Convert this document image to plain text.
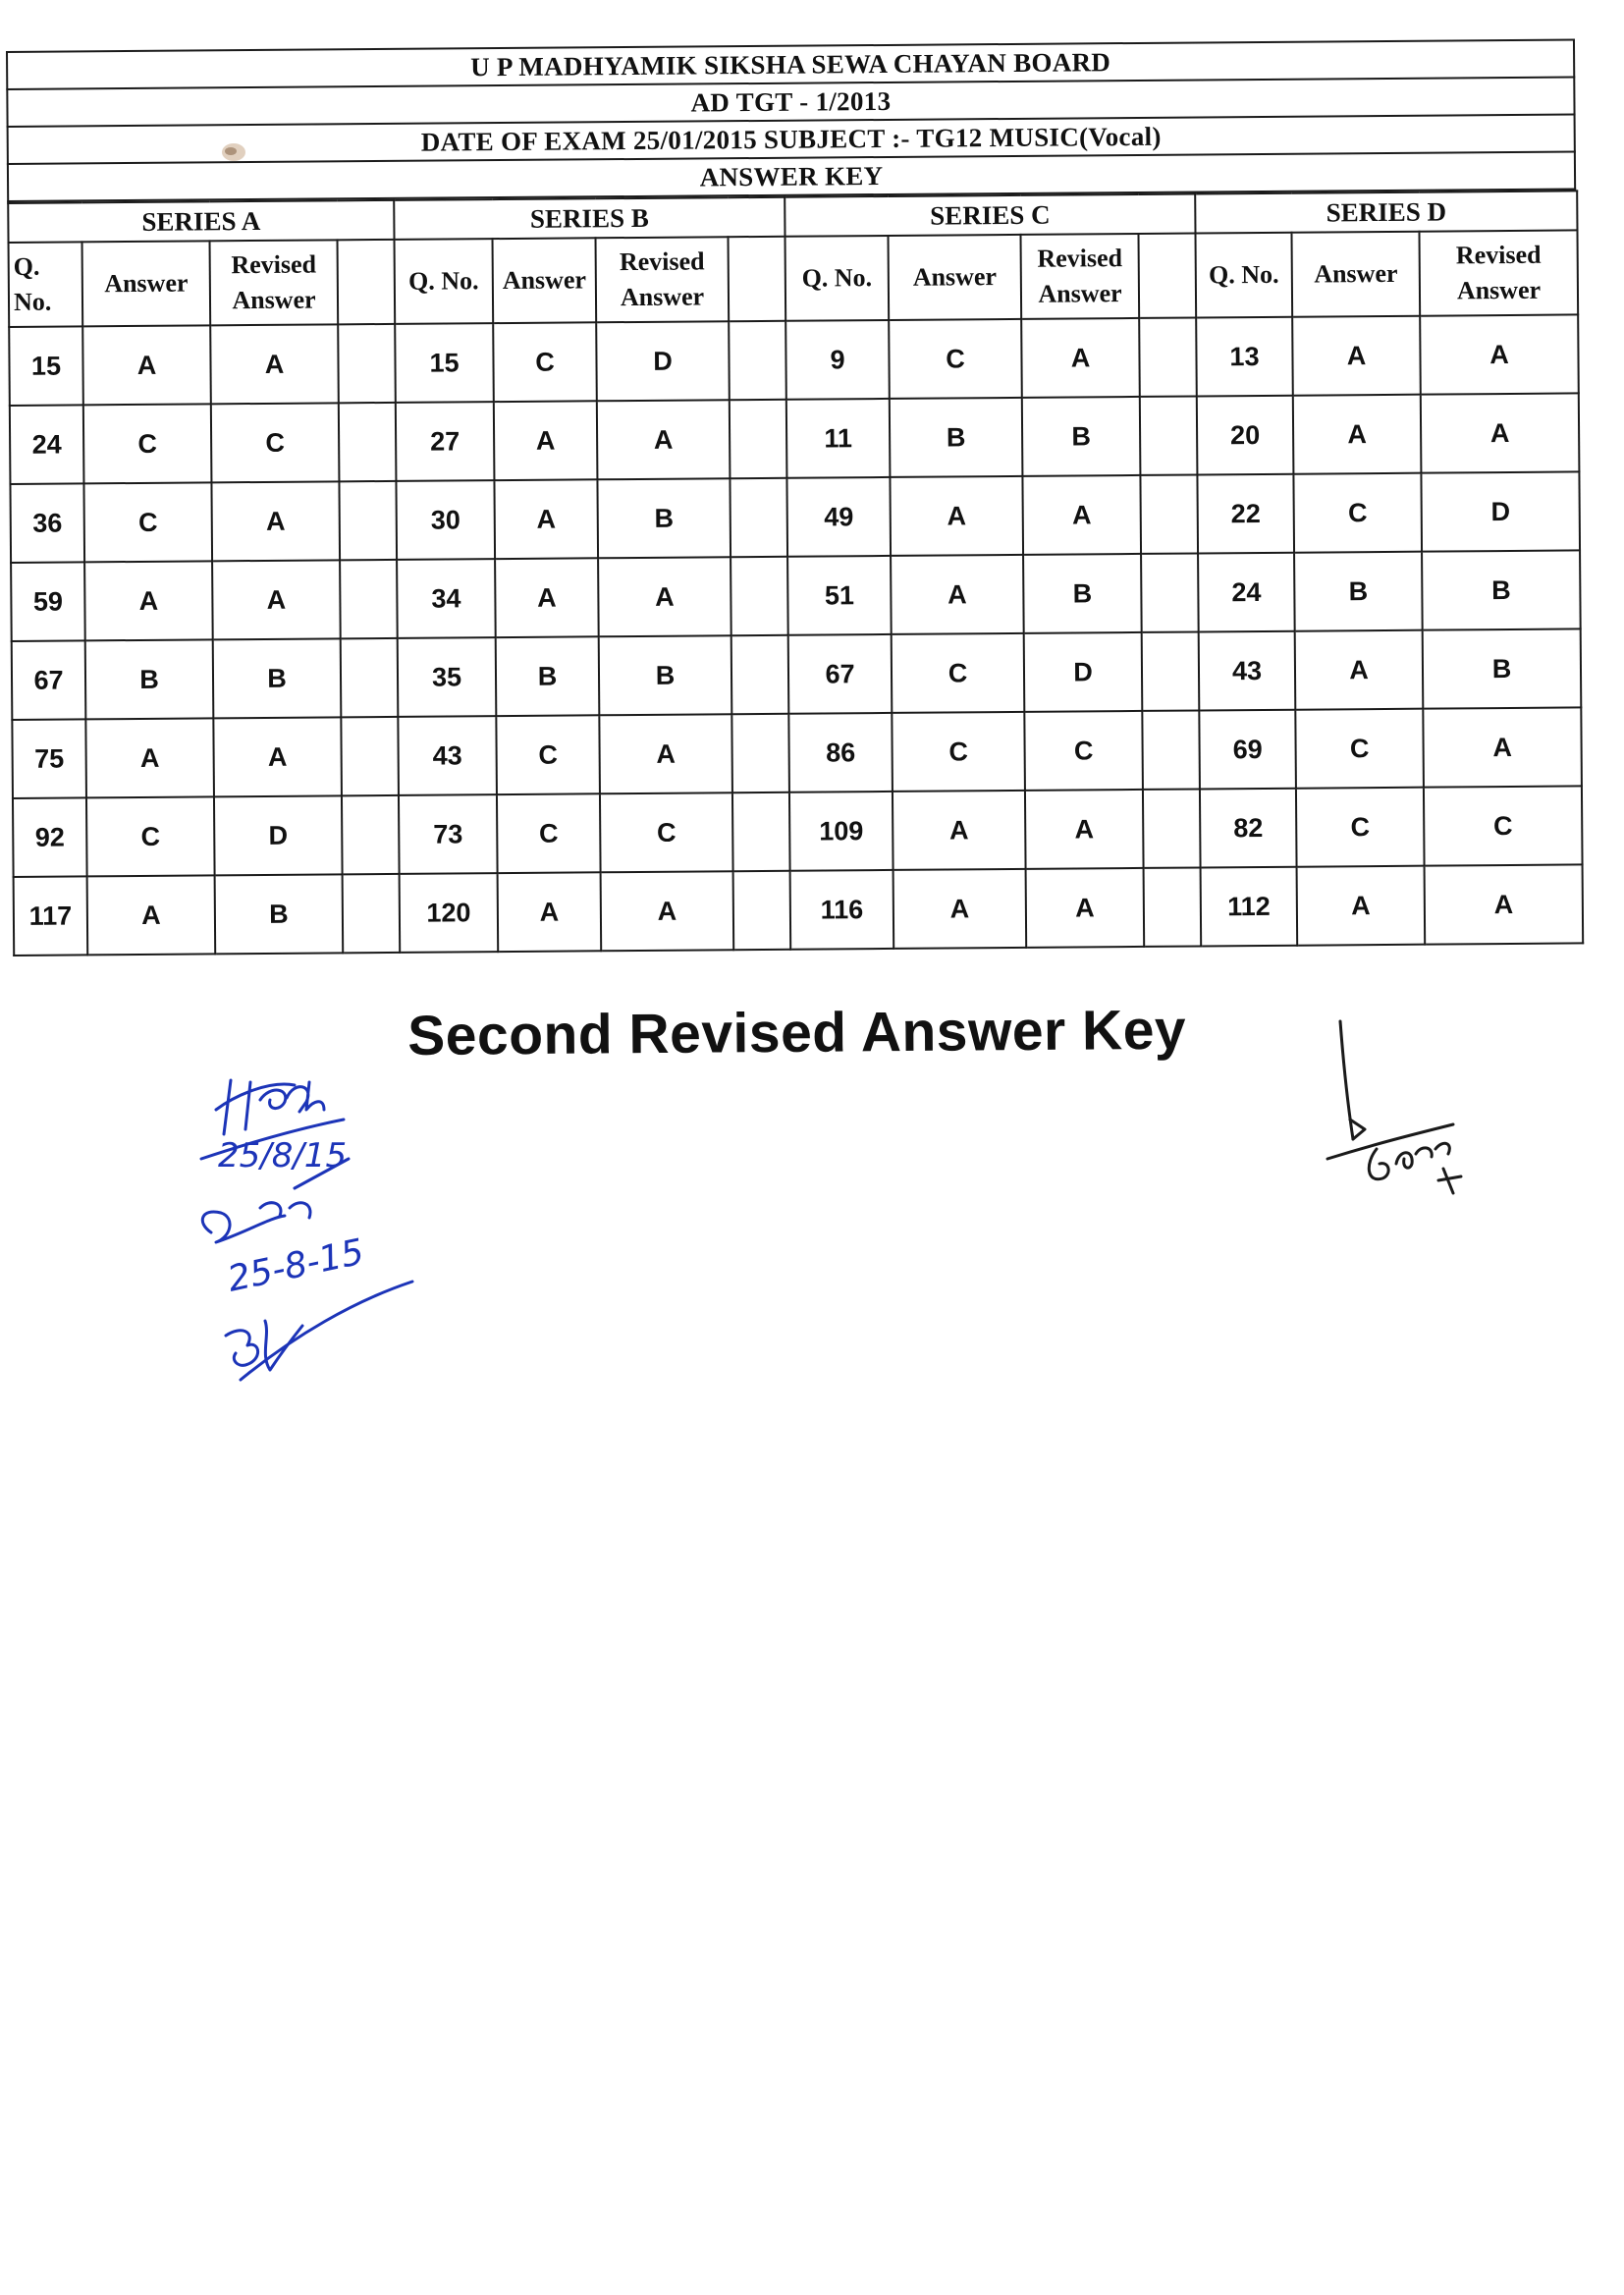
U P MADHYAMIK SIKSHA SEWA CHAYAN BOARD
AD TGT - 1/2013
DATE OF EXAM 25/01/2015 SUBJECT :- TG12 MUSIC(Vocal)
ANSWER KEY
SERIES A				SERIES B				SERIES C				SERIES D		
Q. No.	Answer	Revised Answer		Q. No.	Answer	Revised Answer		Q. No.	Answer	Revised Answer		Q. No.	Answer	Revised Answer
15	A	A		15	C	D		9	C	A		13	A	A
24	C	C		27	A	A		11	B	B		20	A	A
36	C	A		30	A	B		49	A	A		22	C	D
59	A	A		34	A	A		51	A	B		24	B	B
67	B	B		35	B	B		67	C	D		43	A	B
75	A	A		43	C	A		86	C	C		69	C	A
92	C	D		73	C	C		109	A	A		82	C	C
117	A	B		120	A	A		116	A	A		112	A	A
Second Revised Answer Key
25/8/15
25-8-15
